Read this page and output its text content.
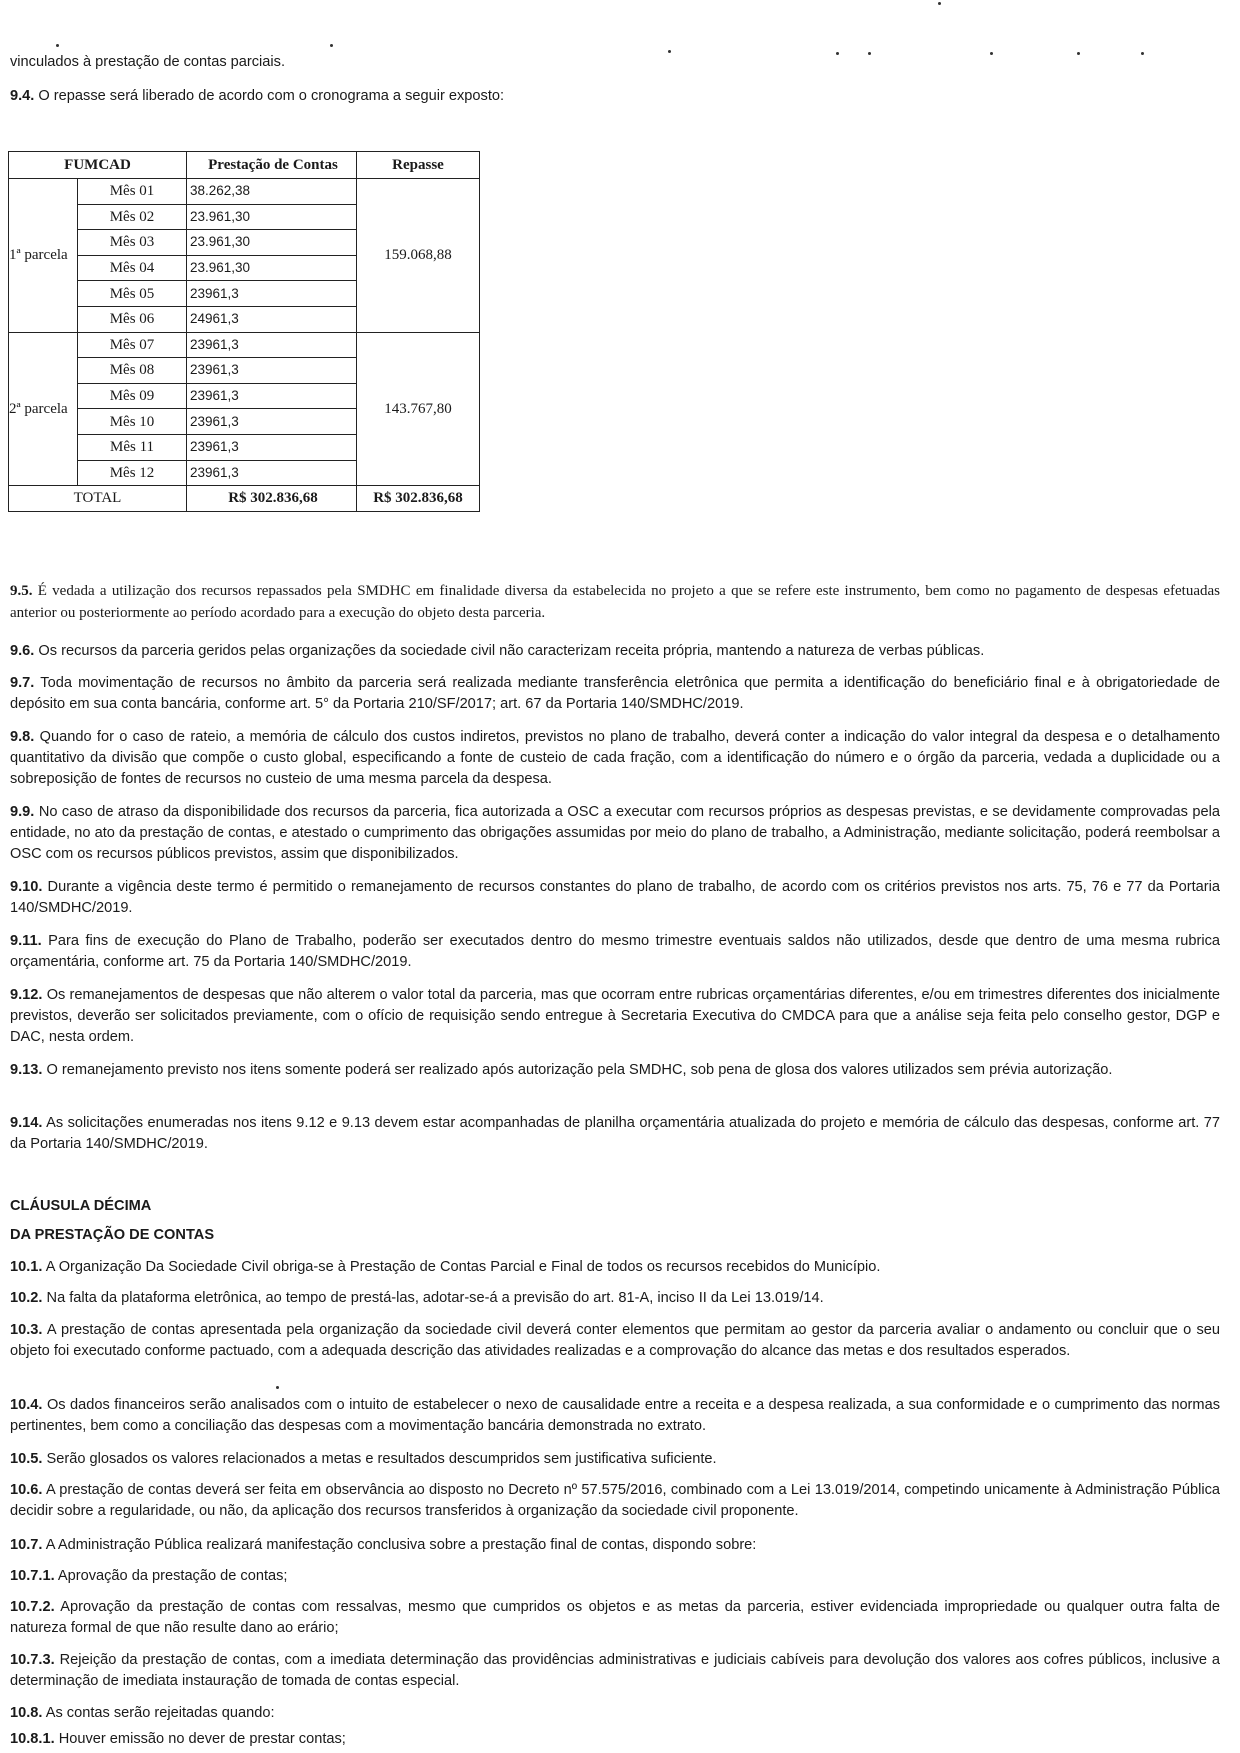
vinculados à prestação de contas parciais.

9.4. O repasse será liberado de acordo com o cronograma a seguir exposto:

FUMCAD		Prestação de Contas	Repasse
1ª parcela	Mês 01	38.262,38	159.068,88
	Mês 02	23.961,30	
	Mês 03	23.961,30	
	Mês 04	23.961,30	
	Mês 05	23961,3	
	Mês 06	24961,3	
2ª parcela	Mês 07	23961,3	143.767,80
	Mês 08	23961,3	
	Mês 09	23961,3	
	Mês 10	23961,3	
	Mês 11	23961,3	
	Mês 12	23961,3	
TOTAL		R$ 302.836,68	R$ 302.836,68

9.5. É vedada a utilização dos recursos repassados pela SMDHC em finalidade diversa da estabelecida no projeto a que se refere este instrumento, bem como no pagamento de despesas efetuadas anterior ou posteriormente ao período acordado para a execução do objeto desta parceria.

9.6. Os recursos da parceria geridos pelas organizações da sociedade civil não caracterizam receita própria, mantendo a natureza de verbas públicas.

9.7. Toda movimentação de recursos no âmbito da parceria será realizada mediante transferência eletrônica que permita a identificação do beneficiário final e à obrigatoriedade de depósito em sua conta bancária, conforme art. 5° da Portaria 210/SF/2017; art. 67 da Portaria 140/SMDHC/2019.

9.8. Quando for o caso de rateio, a memória de cálculo dos custos indiretos, previstos no plano de trabalho, deverá conter a indicação do valor integral da despesa e o detalhamento quantitativo da divisão que compõe o custo global, especificando a fonte de custeio de cada fração, com a identificação do número e o órgão da parceria, vedada a duplicidade ou a sobreposição de fontes de recursos no custeio de uma mesma parcela da despesa.

9.9. No caso de atraso da disponibilidade dos recursos da parceria, fica autorizada a OSC a executar com recursos próprios as despesas previstas, e se devidamente comprovadas pela entidade, no ato da prestação de contas, e atestado o cumprimento das obrigações assumidas por meio do plano de trabalho, a Administração, mediante solicitação, poderá reembolsar a OSC com os recursos públicos previstos, assim que disponibilizados.

9.10. Durante a vigência deste termo é permitido o remanejamento de recursos constantes do plano de trabalho, de acordo com os critérios previstos nos arts. 75, 76 e 77 da Portaria 140/SMDHC/2019.

9.11. Para fins de execução do Plano de Trabalho, poderão ser executados dentro do mesmo trimestre eventuais saldos não utilizados, desde que dentro de uma mesma rubrica orçamentária, conforme art. 75 da Portaria 140/SMDHC/2019.

9.12. Os remanejamentos de despesas que não alterem o valor total da parceria, mas que ocorram entre rubricas orçamentárias diferentes, e/ou em trimestres diferentes dos inicialmente previstos, deverão ser solicitados previamente, com o ofício de requisição sendo entregue à Secretaria Executiva do CMDCA para que a análise seja feita pelo conselho gestor, DGP e DAC, nesta ordem.

9.13. O remanejamento previsto nos itens somente poderá ser realizado após autorização pela SMDHC, sob pena de glosa dos valores utilizados sem prévia autorização.

9.14. As solicitações enumeradas nos itens 9.12 e 9.13 devem estar acompanhadas de planilha orçamentária atualizada do projeto e memória de cálculo das despesas, conforme art. 77 da Portaria 140/SMDHC/2019.

CLÁUSULA DÉCIMA

DA PRESTAÇÃO DE CONTAS

10.1. A Organização Da Sociedade Civil obriga-se à Prestação de Contas Parcial e Final de todos os recursos recebidos do Município.

10.2. Na falta da plataforma eletrônica, ao tempo de prestá-las, adotar-se-á a previsão do art. 81-A, inciso II da Lei 13.019/14.

10.3. A prestação de contas apresentada pela organização da sociedade civil deverá conter elementos que permitam ao gestor da parceria avaliar o andamento ou concluir que o seu objeto foi executado conforme pactuado, com a adequada descrição das atividades realizadas e a comprovação do alcance das metas e dos resultados esperados.

10.4. Os dados financeiros serão analisados com o intuito de estabelecer o nexo de causalidade entre a receita e a despesa realizada, a sua conformidade e o cumprimento das normas pertinentes, bem como a conciliação das despesas com a movimentação bancária demonstrada no extrato.

10.5. Serão glosados os valores relacionados a metas e resultados descumpridos sem justificativa suficiente.

10.6. A prestação de contas deverá ser feita em observância ao disposto no Decreto nº 57.575/2016, combinado com a Lei 13.019/2014, competindo unicamente à Administração Pública decidir sobre a regularidade, ou não, da aplicação dos recursos transferidos à organização da sociedade civil proponente.

10.7. A Administração Pública realizará manifestação conclusiva sobre a prestação final de contas, dispondo sobre:

10.7.1. Aprovação da prestação de contas;

10.7.2. Aprovação da prestação de contas com ressalvas, mesmo que cumpridos os objetos e as metas da parceria, estiver evidenciada impropriedade ou qualquer outra falta de natureza formal de que não resulte dano ao erário;

10.7.3. Rejeição da prestação de contas, com a imediata determinação das providências administrativas e judiciais cabíveis para devolução dos valores aos cofres públicos, inclusive a determinação de imediata instauração de tomada de contas especial.

10.8. As contas serão rejeitadas quando:

10.8.1. Houver emissão no dever de prestar contas;
